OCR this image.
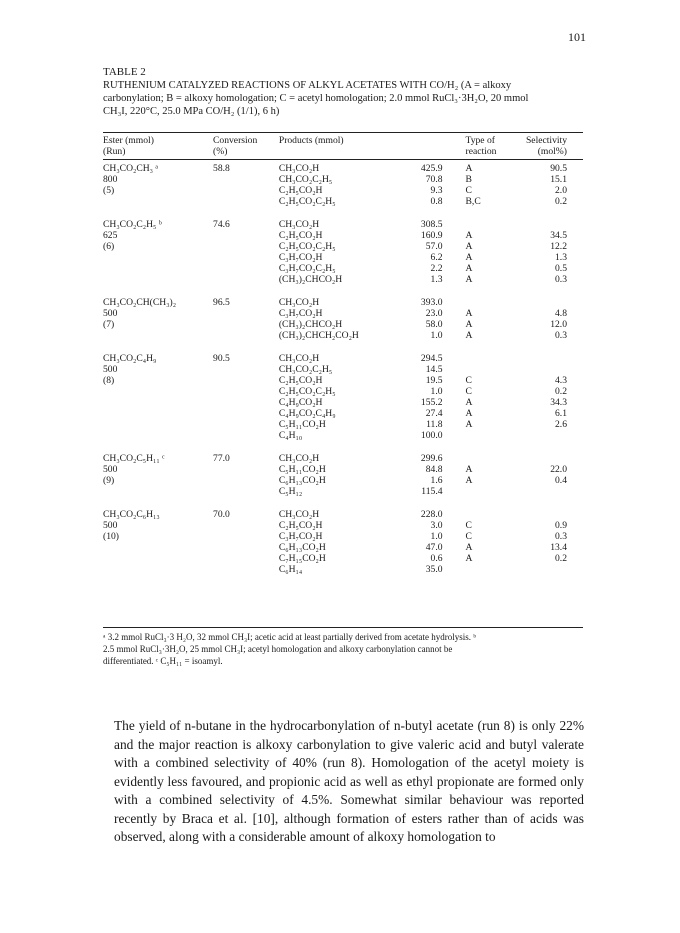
101
TABLE 2
RUTHENIUM CATALYZED REACTIONS OF ALKYL ACETATES WITH CO/H₂ (A = alkoxy
carbonylation; B = alkoxy homologation; C = acetyl homologation; 2.0 mmol RuCl₃·3H₂O, 20 mmol
CH₃I, 220°C, 25.0 MPa CO/H₂ (1/1), 6 h)
Ester (mmol)	Conversion	Products (mmol)		Type of	Selectivity
(Run)	(%)			reaction	(mol%)

CH₃CO₂CH₃ ᵃ	58.8	CH₃CO₂H	425.9	A	90.5
800		CH₃CO₂C₂H₅	70.8	B	15.1
(5)		C₂H₅CO₂H	9.3	C	2.0
		C₂H₅CO₂C₂H₅	0.8	B,C	0.2

CH₃CO₂C₂H₅ ᵇ	74.6	CH₃CO₂H	308.5		
625		C₂H₅CO₂H	160.9	A	34.5
(6)		C₂H₅CO₂C₂H₅	57.0	A	12.2
		C₃H₇CO₂H	6.2	A	1.3
		C₃H₇CO₂C₂H₅	2.2	A	0.5
		(CH₃)₂CHCO₂H	1.3	A	0.3

CH₃CO₂CH(CH₃)₂	96.5	CH₃CO₂H	393.0		
500		C₃H₇CO₂H	23.0	A	4.8
(7)		(CH₃)₂CHCO₂H	58.0	A	12.0
		(CH₃)₂CHCH₂CO₂H	1.0	A	0.3

CH₃CO₂C₄H₉	90.5	CH₃CO₂H	294.5		
500		CH₃CO₂C₂H₅	14.5		
(8)		C₂H₅CO₂H	19.5	C	4.3
		C₂H₅CO₂C₂H₅	1.0	C	0.2
		C₄H₉CO₂H	155.2	A	34.3
		C₄H₉CO₂C₄H₉	27.4	A	6.1
		C₅H₁₁CO₂H	11.8	A	2.6
		C₄H₁₀	100.0		

CH₃CO₂C₅H₁₁ ᶜ	77.0	CH₃CO₂H	299.6		
500		C₅H₁₁CO₂H	84.8	A	22.0
(9)		C₆H₁₃CO₂H	1.6	A	0.4
		C₅H₁₂	115.4		

CH₃CO₂C₆H₁₃	70.0	CH₃CO₂H	228.0		
500		C₂H₅CO₂H	3.0	C	0.9
(10)		C₃H₇CO₂H	1.0	C	0.3
		C₆H₁₃CO₂H	47.0	A	13.4
		C₇H₁₅CO₂H	0.6	A	0.2
		C₆H₁₄	35.0		
ᵃ 3.2 mmol RuCl₃·3 H₂O, 32 mmol CH₃I; acetic acid at least partially derived from acetate hydrolysis. ᵇ
2.5 mmol RuCl₃·3H₂O, 25 mmol CH₃I; acetyl homologation and alkoxy carbonylation cannot be
differentiated. ᶜ C₅H₁₁ = isoamyl.
The yield of n-butane in the hydrocarbonylation of n-butyl acetate (run 8) is only 22% and the major reaction is alkoxy carbonylation to give valeric acid and butyl valerate with a combined selectivity of 40% (run 8). Homologation of the acetyl moiety is evidently less favoured, and propionic acid as well as ethyl propionate are formed only with a combined selectivity of 4.5%. Somewhat similar behaviour was reported recently by Braca et al. [10], although formation of esters rather than of acids was observed, along with a considerable amount of alkoxy homologation to
